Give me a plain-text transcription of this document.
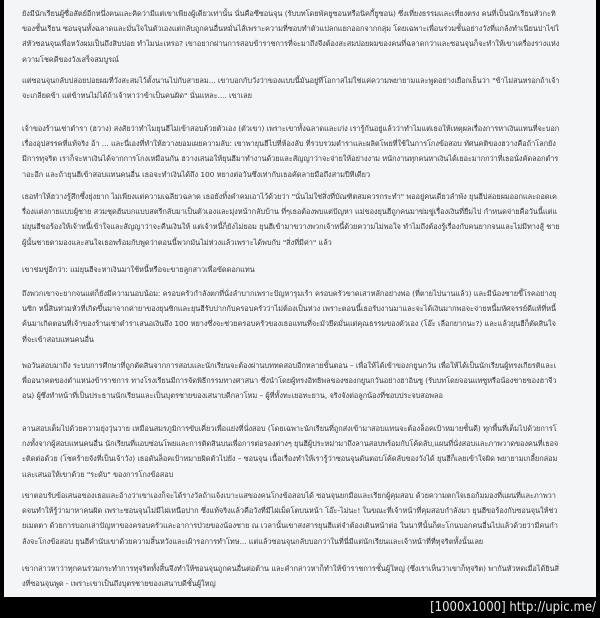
ยังมีนักเรียนผู้ซื่อสัตย์อีกหนึ่งคนและคิดว่ามีแต่เขาเพียงผู้เดียวเท่านั้น นั่นคือซีซอนจุน (รับบทโดยพัคยูซอนหรือนิคกี้ยูซอน) ซึ่งเที่ยงธรรมและเที่ยงตรง คนที่เป็นนักเรียนหัวกะทิของชั้นเรียน ซอนจุนทั้งฉลาดและมั่นใจในตัวเองแต่กลับถูกคนอื่นหมั่นไส้เพราะความที่ซอบทำตัวแปลกแยกออกจากกลุ่ม โดยเฉพาะเพื่อนร่วมชั้นอย่างวังที่แกล้งทำเนียนปาไข่ใส่หัวซอนจุนเพื่อหวังผมเป็นถึงสิบปอย ทำไมน่ะเหรอ? เขาอยากผ่านการสอบข้าราชการที่จะมาถึงจึงต้องสะสมปอยผมของคนที่ฉลาดกว่าและซอนจุนก็จะทำให้เขาเครื่องรางแห่งความโชคดีของวังเสร็จสมบูรณ์

แต่ซอนจุนกลับปล่อยปอยผมที่วังสะสมไว้ตั้งนานไปกับสายลม... เขาบอกกับวังว่าของแบบนี้มันอยู่ที่โอกาสไม่ใช่แค่ความพยายามและพูดอย่างเยือกเย็นว่า "ข้าไม่สนหรอกถ้าเจ้าจะเกลียดข้า แต่ข้าทนไม่ได้ถ้าเจ้าหาว่าข้าเป็นคนผิด" นั่นแหละ.... เขาเลย

เจ้าของร้านเช่าตำรา (ฮวาง) สงสัยว่าทำไมยุนฮีไม่เข้าสอบด้วยตัวเอง (ตัวเขา) เพราะเขาทั้งฉลาดและเก่ง เรารู้กันอยู่แล้วว่าทำไมแต่เธอให้เหตุผลเรื่องการหาเงินแทนที่จะบอกเรื่องอุปสรรคที่แท้จริง อ้า ... และนี่เองที่ทำให้ฮวางยอมเผยความลับ: เขาพายุนฮีไปที่ห้องลับ ที่รวบรวมตำราและผลิตโพยที่ใช้ในการโกงข้อสอบ ทัศนคติของฮวางคือถ้าโลกยังมีการทุจริต เราก็จะหาเงินได้จากการโกงเหมือนกัน ฮวางเสนอให้ยุนฮีมาทำงานด้วยและสัญญาว่าจะจ่ายให้อย่างงาม หนักงานทุกคนหาเงินได้เยอะมากกว่าที่เธอนั่งคัดลอกตำราอะอีก และถ้ายุนฮีเข้าสอบแทนคนอื่น เธอจะทำเงินได้ถึง 100 หยางต่อวันซึ่งเท่ากับเธอคัดลายมือถึงสามปีทีเดียว

เธอทำให้ฮวางรู้สึกซึ้งยุ่งยาก ไม่เพียงแต่ความเฉลียวฉลาด เธอยังทิ้งคำคมเอาไว้ด้วยว่า "นั่นไม่ใช่สิ่งที่บัณฑิตสมควรกระทำ" พออยู่คนเดียวลำพัง ยุนฮีปล่อยผมออกและถอดเครื่องแต่งกายแบบผู้ชาย สวมชุดฮันบกแบบสตรีกลับมาเป็นตัวเองและมุ่งหน้ากลับบ้าน ที่ๆเธอต้องพบแต่ปัญหา แม่ของยุนฮีถูกคนมาข่มขู่เรื่องเงินที่ยืมไป กำหนดจ่ายคือวันนี้แต่แม่ยุนฮีขอร้องให้เจ้าหนี้เข้าใจและสัญญาว่าจะคืนเงินให้ แต่เจ้าหนี้ก็ยังไม่ยอม ยุนฮีเข้ามาขวางพวกเจ้าหนี้ด้วยความไม่พอใจ ทำไมถึงต้องรู้เรื่องกับคนยากจนและไม่มีทางสู้ ชายผู้นั้นชายตามองและสนใจเธอพร้อมกับพูดว่าตอนนี้พวกมันไม่ห่วงแล้วเพราะได้พบกับ "สิ่งที่มีค่า" แล้ว

เขาข่มขู่อีกว่า: แม่ยุนฮีจะหาเงินมาใช้หนี้หรือจะขายลูกสาวเพื่อขัดดอกแทน

ถึงพวกเขาจะยากจนแต่ก็ยังมีความนอบน้อม: ครอบครัวกำลังตกที่นั่งลำบากเพราะปัญหารุมเร้า ครอบครัวขาดเสาหลักอย่างพ่อ (ที่ตายไปนานแล้ว) และมีน้องชายขี้โรคอย่างยุนซิก หนี้สินท่วมหัวที่เกิดขึ้นมาจากค่ายาของยุนซิกและยุนฮีรับปากกับครอบครัวว่าไม่ต้องเป็นห่วง เพราะตอนนี้เธอรับงานมาและจะได้เงินมากพอจะจ่ายหนี้มหัศจรรย์ดีแท้ที่หนี้ค้นมาเกิดตอนที่เจ้าของร้านเช่าตำราเสนอเงินถึง 100 หยางซึ่งจะช่วยครอบครัวของเธอแทนที่จะมัวยึดมั่นแต่คุณธรรมของตัวเอง (โอ๊ะ เลือกยากนะ?) และแล้วยุนฮีก็ตัดสินใจที่จะเข้าสอบแทนคนอื่น

พอวันสอบมาถึง ระบบการศึกษาที่ถูกตัดสินจากการสอบและนักเรียนจะต้องผ่านบททดสอบอีกหลายขั้นตอน – เพื่อให้ได้เข้าของกยูนกวัน เพื่อให้ได้เป็นนักเรียนผู้ทรงเกียรติและเพื่ออนาคตของตำแหน่งข้าราชการ ทางโรงเรียนมีการจัดพิธีกรรมทางศาสนา ซึ่งนำโดยผู้ทรงอิทธิพลของซองกยูนกวันอย่างฮาอินซู (รับบทโดยจอนแทซูหรือน้องชายของฮาจีวอน) ผู้ซึ่งทำหน้าที่เป็นประธานนักเรียนและเป็นบุตรชายของเสนาบดีกลาโหม – ผู้ที่ทั้งทะเยอทะยาน, จริงจังต่อลูกน้องที่ชอบประจบสอพลอ

ลานสอบเต็มไปด้วยความยุ่งวุ่นวาย เหมือนสมรภูมิการขับเคี่ยวเพื่อแย่งที่นั่งสอบ (โดยเฉพาะนักเรียนที่ถูกส่งเข้ามาสอบแทนจะต้องล็อคเป้าหมายชั้นดี) ทุกพื้นที่เต็มไปด้วยการโกงทั้งจากผู้สอบแทนคนอื่น นักเรียนที่แอบซ่อนโพยและการติดสินบนเพื่อการต่อรองต่างๆ ยุนฮีผู้ประหม่ามาถึงลานสอบพร้อมกับโค้ดลับ,แผนที่นั่งสอบและภาพวาดของคนที่เธอจะติดต่อด้วย (โชคร้ายจังที่เป็นเจ้าวัง) เธอดันล็อคเป้าหมายผิดตัวไปยัง – ซอนจุน เนื้อเรื่องทำให้เรารู้ว่าซอนจุนดันตอบโค้ดลับของวังได้ ยุนฮีก็เลยเข้าใจผิด พยายามเกลี้ยกล่อมและเสนอให้เขาด้วย "ระดับ" ของการโกงข้อสอบ

เขาตอบรับข้อเสนอของเธอและอ้างว่าเขาเองก็จะได้รางวัลถ้าแจ้งเบาะแสของคนโกงข้อสอบได้ ซอนจุนยกมือและเรียกผู้คุมสอบ ด้วยความตกใจเธอก้มมองที่แผนที่และภาพวาดจนทำให้รู้ว่ามาหาคนผิด เพราะซอนจุนไม่มีไฝเหนือปาก ซึ่งแท้จริงแล้วคือวังที่มีไฝเม็ดโตบนหน้า โอ๊ะ-ไม่นะ! ในขณะที่เจ้าหน้าที่คุมสอบกำลังมา ยุนฮีขอร้องกับซอนจุนให้ช่วยเมตตา ด้วยการบอกเล่าปัญหาของครอบครัวและอาการป่วยของน้องชาย ณ เวลานั้นเขาสงสารยุนฮีแต่จำต้องเดินหน้าต่อ ในนาทีนั้นก็ตะโกนบอกคนอื่นไปแล้วด้วยว่ามีคนกำลังจะโกงข้อสอบ ยุนฮีคำนับเขาด้วยความสิ้นหวังและเฝ้ารอการทำโทษ... แต่แล้วซอนจุนกลับบอกว่าในที่นี่มีแต่นักเรียนและเจ้าหน้าที่ที่ทุจริตทั้งนั้นเลย

เขากล่าวหาว่าทุกคนร่วมกระทำการทุจริตทั้งสิ้นจึงทำให้ซอนจุนถูกคนอื่นต่อต้าน และคำกล่าวหาก็ทำให้ข้าราชการชั้นผู้ใหญ่ (ซึ่งเราเห็นว่าเขาก็ทุจริต) พากันหัวหดเมื่อได้ยินสิ่งที่ซอนจุนพูด - เพราะเขาเป็นถึงบุตรชายของเสนาบดีชั้นผู้ใหญ่

[1000x1000] http://upic.me/
